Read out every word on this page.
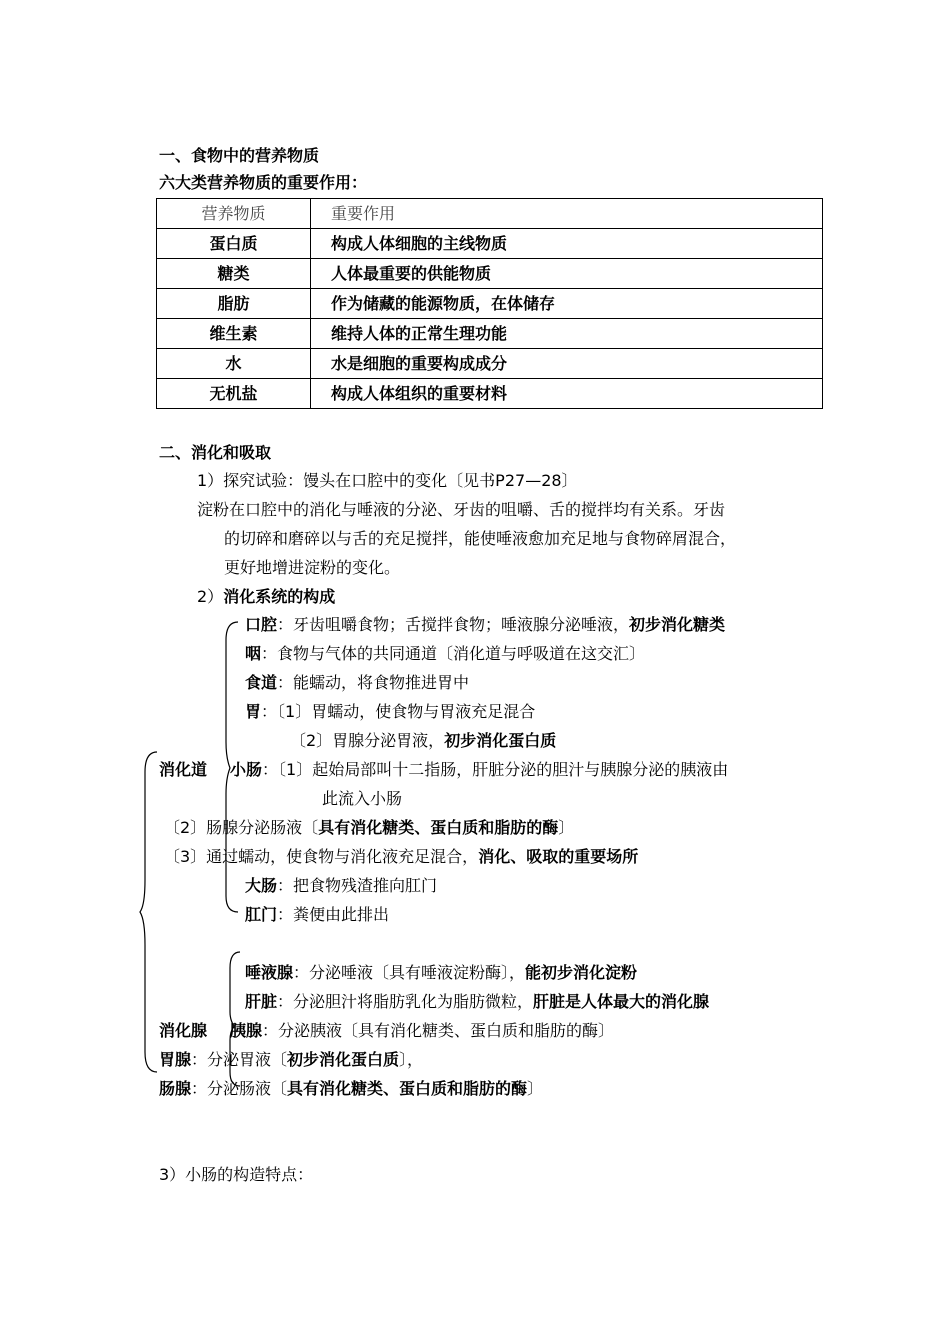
一、食物中的营养物质
六大类营养物质的重要作用：
营养物质	重要作用
蛋白质	构成人体细胞的主线物质
糖类	人体最重要的供能物质
脂肪	作为储藏的能源物质，在体储存
维生素	维持人体的正常生理功能
水	水是细胞的重要构成成分
无机盐	构成人体组织的重要材料
二、消化和吸取
1）探究试验：馒头在口腔中的变化〔见书P27—28〕
淀粉在口腔中的消化与唾液的分泌、牙齿的咀嚼、舌的搅拌均有关系。牙齿
的切碎和磨碎以与舌的充足搅拌，能使唾液愈加充足地与食物碎屑混合，
更好地增进淀粉的变化。
2）消化系统的构成
口腔：牙齿咀嚼食物；舌搅拌食物；唾液腺分泌唾液，初步消化糖类
咽：食物与气体的共同通道〔消化道与呼吸道在这交汇〕
食道：能蠕动，将食物推进胃中
胃：〔1〕胃蠕动，使食物与胃液充足混合
〔2〕胃腺分泌胃液，初步消化蛋白质
消化道 小肠：〔1〕起始局部叫十二指肠，肝脏分泌的胆汁与胰腺分泌的胰液由
此流入小肠
〔2〕肠腺分泌肠液〔具有消化糖类、蛋白质和脂肪的酶〕
〔3〕通过蠕动，使食物与消化液充足混合，消化、吸取的重要场所
大肠：把食物残渣推向肛门
肛门：粪便由此排出
唾液腺：分泌唾液〔具有唾液淀粉酶〕，能初步消化淀粉
肝脏：分泌胆汁将脂肪乳化为脂肪微粒，肝脏是人体最大的消化腺
消化腺 胰腺：分泌胰液〔具有消化糖类、蛋白质和脂肪的酶〕
胃腺：分泌胃液〔初步消化蛋白质〕，
肠腺：分泌肠液〔具有消化糖类、蛋白质和脂肪的酶〕
3）小肠的构造特点：
